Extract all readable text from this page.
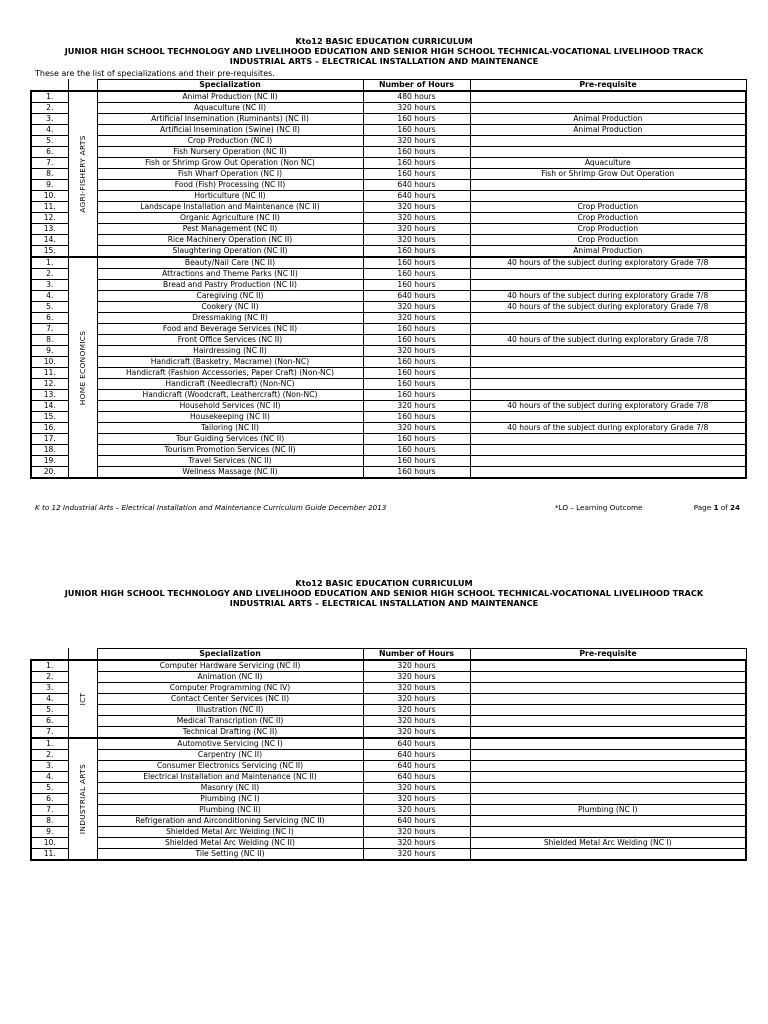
Kto12 BASIC EDUCATION CURRICULUM
JUNIOR HIGH SCHOOL TECHNOLOGY AND LIVELIHOOD EDUCATION AND SENIOR HIGH SCHOOL TECHNICAL-VOCATIONAL LIVELIHOOD TRACK
INDUSTRIAL ARTS – ELECTRICAL INSTALLATION AND MAINTENANCE
These are the list of specializations and their pre-requisites.
		Specialization	Number of Hours	Pre-requisite
1.	AGRI-FISHERY ARTS	Animal Production (NC II)	480 hours	
2.		Aquaculture (NC II)	320 hours	
3.		Artificial Insemination (Ruminants) (NC II)	160 hours	Animal Production
4.		Artificial Insemination (Swine) (NC II)	160 hours	Animal Production
5.		Crop Production (NC I)	320 hours	
6.		Fish Nursery Operation (NC II)	160 hours	
7.		Fish or Shrimp Grow Out Operation (Non NC)	160 hours	Aquaculture
8.		Fish Wharf Operation (NC I)	160 hours	Fish or Shrimp Grow Out Operation
9.		Food (Fish) Processing (NC II)	640 hours	
10.		Horticulture (NC II)	640 hours	
11.		Landscape Installation and Maintenance (NC II)	320 hours	Crop Production
12.		Organic Agriculture (NC II)	320 hours	Crop Production
13.		Pest Management (NC II)	320 hours	Crop Production
14.		Rice Machinery Operation (NC II)	320 hours	Crop Production
15.		Slaughtering Operation (NC II)	160 hours	Animal Production
1.	HOME ECONOMICS	Beauty/Nail Care (NC II)	160 hours	40 hours of the subject during exploratory Grade 7/8
2.		Attractions and Theme Parks (NC II)	160 hours	
3.		Bread and Pastry Production (NC II)	160 hours	
4.		Caregiving (NC II)	640 hours	40 hours of the subject during exploratory Grade 7/8
5.		Cookery (NC II)	320 hours	40 hours of the subject during exploratory Grade 7/8
6.		Dressmaking (NC II)	320 hours	
7.		Food and Beverage Services (NC II)	160 hours	
8.		Front Office Services (NC II)	160 hours	40 hours of the subject during exploratory Grade 7/8
9.		Hairdressing (NC II)	320 hours	
10.		Handicraft (Basketry, Macrame) (Non-NC)	160 hours	
11.		Handicraft (Fashion Accessories, Paper Craft) (Non-NC)	160 hours	
12.		Handicraft (Needlecraft) (Non-NC)	160 hours	
13.		Handicraft (Woodcraft, Leathercraft) (Non-NC)	160 hours	
14.		Household Services (NC II)	320 hours	40 hours of the subject during exploratory Grade 7/8
15.		Housekeeping (NC II)	160 hours	
16.		Tailoring (NC II)	320 hours	40 hours of the subject during exploratory Grade 7/8
17.		Tour Guiding Services (NC II)	160 hours	
18.		Tourism Promotion Services (NC II)	160 hours	
19.		Travel Services (NC II)	160 hours	
20.		Wellness Massage (NC II)	160 hours	
K to 12 Industrial Arts – Electrical Installation and Maintenance Curriculum Guide December 2013	*LO – Learning Outcome	Page 1 of 24
Kto12 BASIC EDUCATION CURRICULUM
JUNIOR HIGH SCHOOL TECHNOLOGY AND LIVELIHOOD EDUCATION AND SENIOR HIGH SCHOOL TECHNICAL-VOCATIONAL LIVELIHOOD TRACK
INDUSTRIAL ARTS – ELECTRICAL INSTALLATION AND MAINTENANCE
		Specialization	Number of Hours	Pre-requisite
1.	ICT	Computer Hardware Servicing (NC II)	320 hours	
2.		Animation (NC II)	320 hours	
3.		Computer Programming (NC IV)	320 hours	
4.		Contact Center Services (NC II)	320 hours	
5.		Illustration (NC II)	320 hours	
6.		Medical Transcription (NC II)	320 hours	
7.		Technical Drafting (NC II)	320 hours	
1.	INDUSTRIAL ARTS	Automotive Servicing (NC I)	640 hours	
2.		Carpentry (NC II)	640 hours	
3.		Consumer Electronics Servicing (NC II)	640 hours	
4.		Electrical Installation and Maintenance (NC II)	640 hours	
5.		Masonry (NC II)	320 hours	
6.		Plumbing (NC I)	320 hours	
7.		Plumbing (NC II)	320 hours	Plumbing (NC I)
8.		Refrigeration and Airconditioning Servicing (NC II)	640 hours	
9.		Shielded Metal Arc Welding (NC I)	320 hours	
10.		Shielded Metal Arc Welding (NC II)	320 hours	Shielded Metal Arc Welding (NC I)
11.		Tile Setting (NC II)	320 hours	
